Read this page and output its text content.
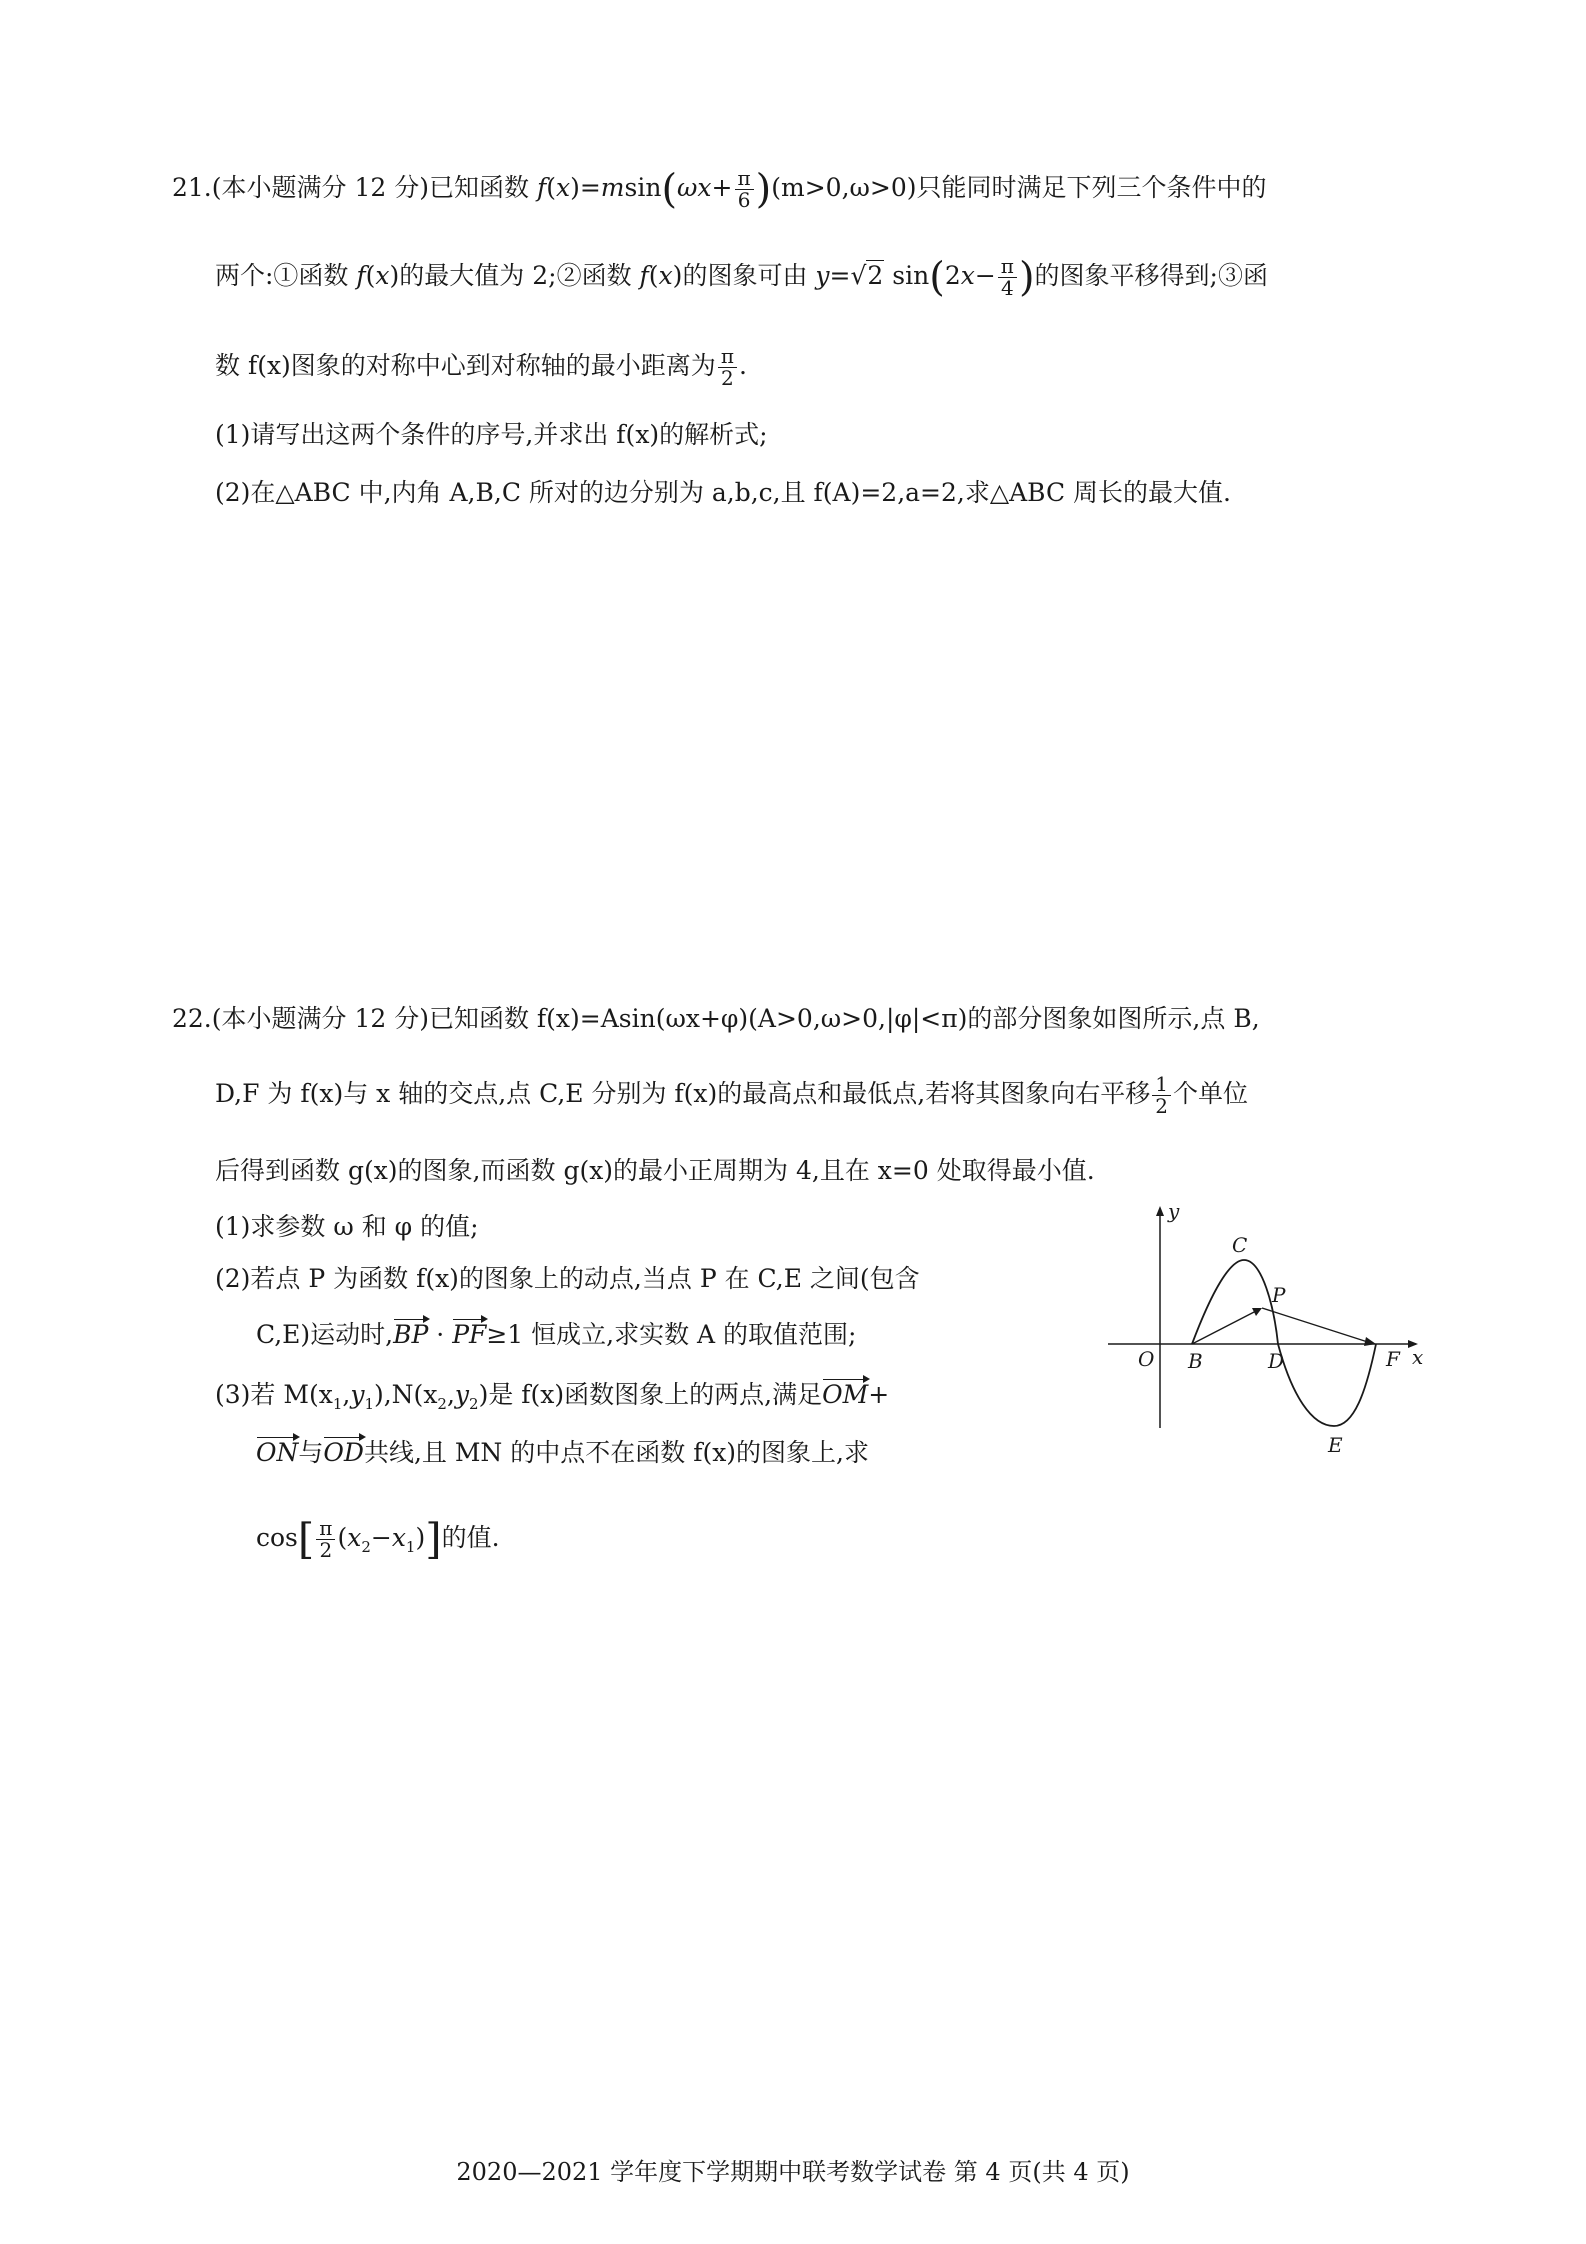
21.(本小题满分 12 分)已知函数 $f(x)=msin(\omega x+ \frac{\pi}{6} )(m>0,\omega>0)$只能同时满足下列三个条件中的
两个:①函数 f(x)的最大值为 2;②函数 f(x)的图象可由 y=√2 $\sin(2x- \frac{\pi}{4}$ )的图象平移得到;③函
数 f(x)图象的对称中心到对称轴的最小距离为 $\frac{\pi}{2}$ .
(1)请写出这两个条件的序号,并求出 f(x)的解析式;
(2)在△ABC 中,内角 A,B,C 所对的边分别为 a,b,c,且 f(A)=2,a=2,求△ABC 周长的最大值.
22.(本小题满分 12 分)已知函数 f(x)=Asin(ωx+φ)(A>0,ω>0,|φ|<π)的部分图象如图所示,点 B,
D,F 为 f(x)与 x 轴的交点,点 C,E 分别为 f(x)的最高点和最低点,若将其图象向右平移 $\frac{1}{2}$ 个单位
后得到函数 g(x)的图象,而函数 g(x)的最小正周期为 4,且在 x=0 处取得最小值.
(1)求参数 ω 和 φ 的值;
(2)若点 P 为函数 f(x)的图象上的动点,当点 P 在 C,E 之间(包含
C,E)运动时,BP · PF≥1 恒成立,求实数 A 的取值范围;
(3)若 $M(x_1,y_1),N(x_2,y_2)$是 f(x)函数图象上的两点,满足OM+
ON与OD共线,且 MN 的中点不在函数 f(x)的图象上,求
$\cos[ \frac{\pi}{2} (x_2-x_1)]$的值.
y
x
O B
C
P
D	F
E
2020—2021 学年度下学期期中联考数学试卷 第 4 页(共 4 页)
